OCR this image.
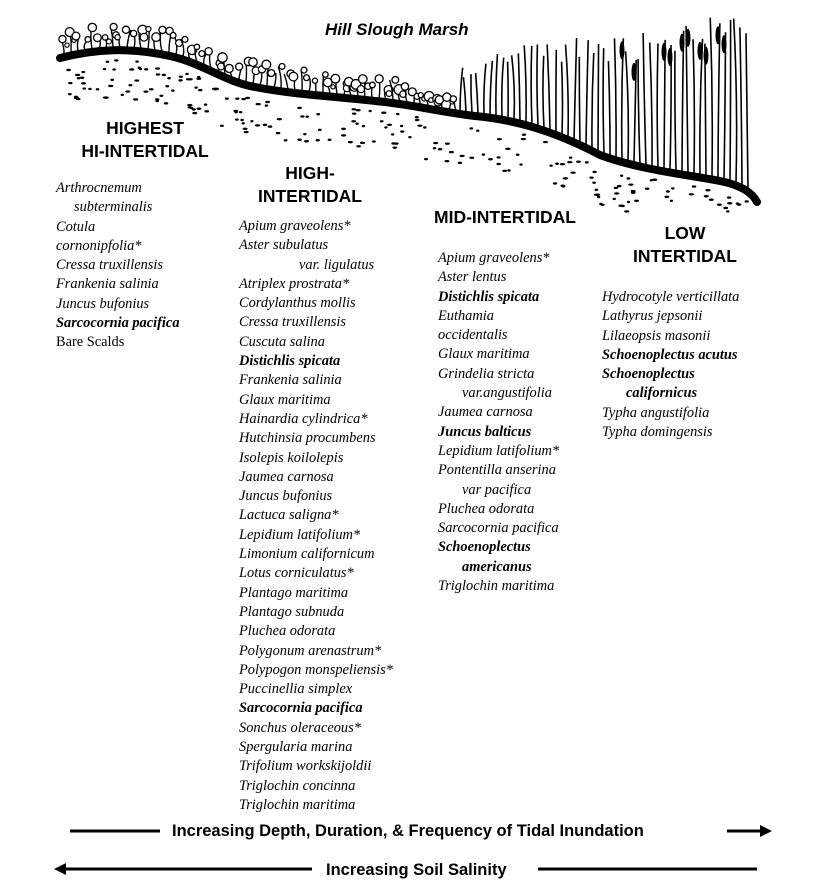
Hill Slough Marsh
HIGHEST
HI-INTERTIDAL
HIGH-
INTERTIDAL
MID-INTERTIDAL
LOW
INTERTIDAL
Arthrocnemum
subterminalis
Cotula
cornonipfolia*
Cressa truxillensis
Frankenia salinia
Juncus bufonius
Sarcocornia pacifica
Bare Scalds
Apium graveolens*
Aster subulatus
var. ligulatus
Atriplex prostrata*
Cordylanthus mollis
Cressa truxillensis
Cuscuta salina
Distichlis spicata
Frankenia salinia
Glaux maritima
Hainardia cylindrica*
Hutchinsia procumbens
Isolepis koilolepis
Jaumea carnosa
Juncus bufonius
Lactuca saligna*
Lepidium latifolium*
Limonium californicum
Lotus corniculatus*
Plantago maritima
Plantago subnuda
Pluchea odorata
Polygonum arenastrum*
Polypogon monspeliensis*
Puccinellia simplex
Sarcocornia pacifica
Sonchus oleraceous*
Spergularia marina
Trifolium workskijoldii
Triglochin concinna
Triglochin maritima
Apium graveolens*
Aster lentus
Distichlis spicata
Euthamia
occidentalis
Glaux maritima
Grindelia stricta
var.angustifolia
Jaumea carnosa
Juncus balticus
Lepidium latifolium*
Pontentilla anserina
var pacifica
Pluchea odorata
Sarcocornia pacifica
Schoenoplectus
americanus
Triglochin maritima
Hydrocotyle verticillata
Lathyrus jepsonii
Lilaeopsis masonii
Schoenoplectus acutus
Schoenoplectus
californicus
Typha angustifolia
Typha domingensis
Increasing Depth, Duration, & Frequency of Tidal Inundation
Increasing Soil Salinity
